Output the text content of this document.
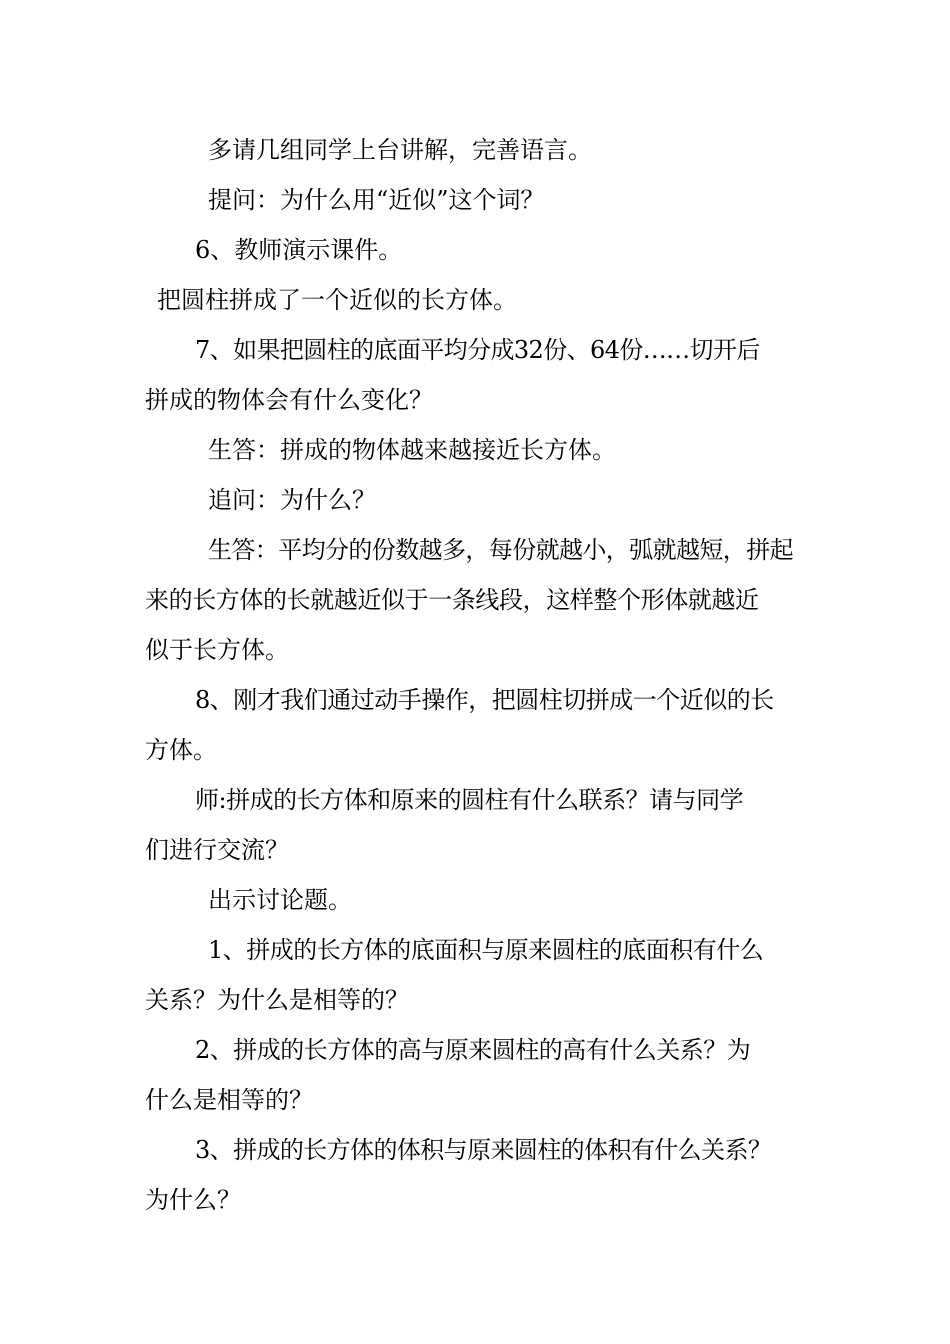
多请几组同学上台讲解，完善语言。
提问：为什么用“近似”这个词？
6、教师演示课件。
把圆柱拼成了一个近似的长方体。
7、如果把圆柱的底面平均分成32份、64份……切开后
拼成的物体会有什么变化？
生答：拼成的物体越来越接近长方体。
追问：为什么？
生答：平均分的份数越多，每份就越小，弧就越短，拼起
来的长方体的长就越近似于一条线段，这样整个形体就越近
似于长方体。
8、刚才我们通过动手操作，把圆柱切拼成一个近似的长
方体。
师:拼成的长方体和原来的圆柱有什么联系？请与同学
们进行交流？
出示讨论题。
1、拼成的长方体的底面积与原来圆柱的底面积有什么
关系？为什么是相等的？
2、拼成的长方体的高与原来圆柱的高有什么关系？为
什么是相等的？
3、拼成的长方体的体积与原来圆柱的体积有什么关系？
为什么？
